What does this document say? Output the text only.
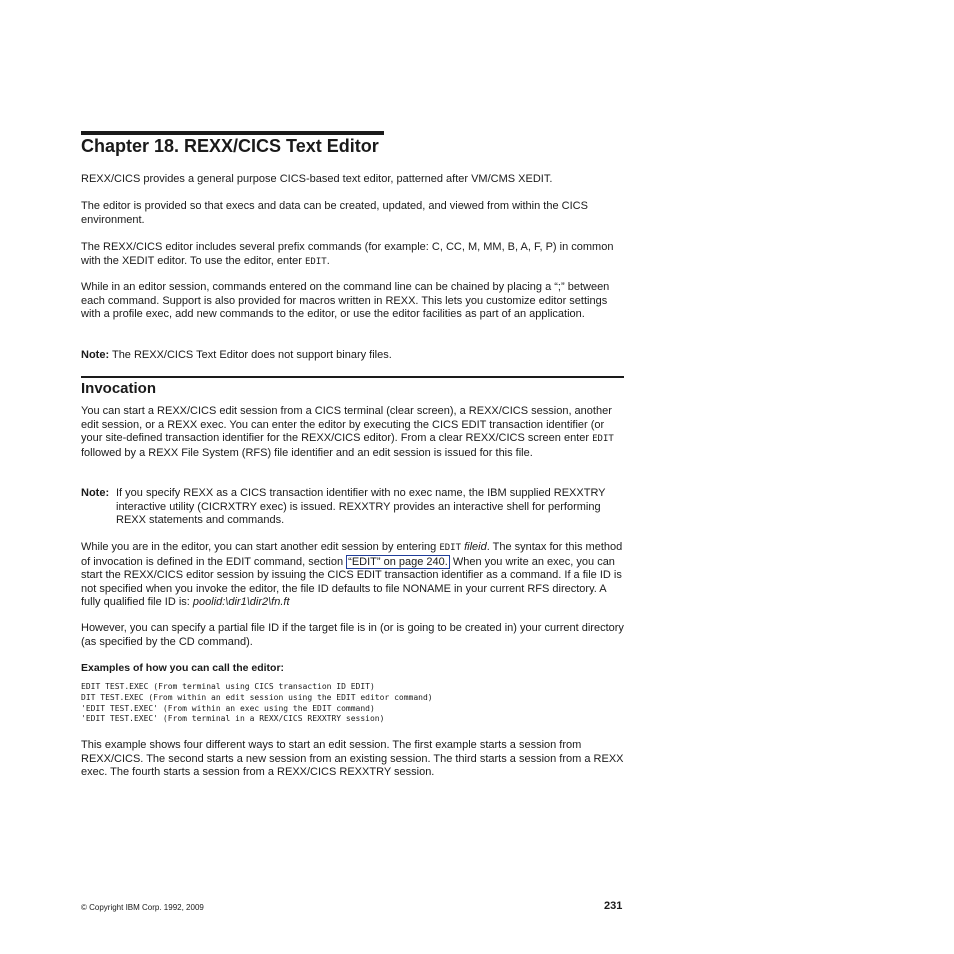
Chapter 18. REXX/CICS Text Editor

REXX/CICS provides a general purpose CICS-based text editor, patterned after VM/CMS XEDIT.

The editor is provided so that execs and data can be created, updated, and viewed from within the CICS environment.

The REXX/CICS editor includes several prefix commands (for example: C, CC, M, MM, B, A, F, P) in common with the XEDIT editor. To use the editor, enter EDIT.

While in an editor session, commands entered on the command line can be chained by placing a “;” between each command. Support is also provided for macros written in REXX. This lets you customize editor settings with a profile exec, add new commands to the editor, or use the editor facilities as part of an application.

Note: The REXX/CICS Text Editor does not support binary files.

Invocation

You can start a REXX/CICS edit session from a CICS terminal (clear screen), a REXX/CICS session, another edit session, or a REXX exec. You can enter the editor by executing the CICS EDIT transaction identifier (or your site-defined transaction identifier for the REXX/CICS editor). From a clear REXX/CICS screen enter EDIT followed by a REXX File System (RFS) file identifier and an edit session is issued for this file.

Note: If you specify REXX as a CICS transaction identifier with no exec name, the IBM supplied REXXTRY interactive utility (CICRXTRY exec) is issued. REXXTRY provides an interactive shell for performing REXX statements and commands.

While you are in the editor, you can start another edit session by entering EDIT fileid. The syntax for this method of invocation is defined in the EDIT command, section “EDIT” on page 240. When you write an exec, you can start the REXX/CICS editor session by issuing the CICS EDIT transaction identifier as a command. If a file ID is not specified when you invoke the editor, the file ID defaults to file NONAME in your current RFS directory. A fully qualified file ID is: poolid:\dir1\dir2\fn.ft

However, you can specify a partial file ID if the target file is in (or is going to be created in) your current directory (as specified by the CD command).

Examples of how you can call the editor:
EDIT TEST.EXEC (From terminal using CICS transaction ID EDIT)
DIT TEST.EXEC (From within an edit session using the EDIT editor command)
'EDIT TEST.EXEC' (From within an exec using the EDIT command)
'EDIT TEST.EXEC' (From terminal in a REXX/CICS REXXTRY session)

This example shows four different ways to start an edit session. The first example starts a session from REXX/CICS. The second starts a new session from an existing session. The third starts a session from a REXX exec. The fourth starts a session from a REXX/CICS REXXTRY session.

© Copyright IBM Corp. 1992, 2009	231
